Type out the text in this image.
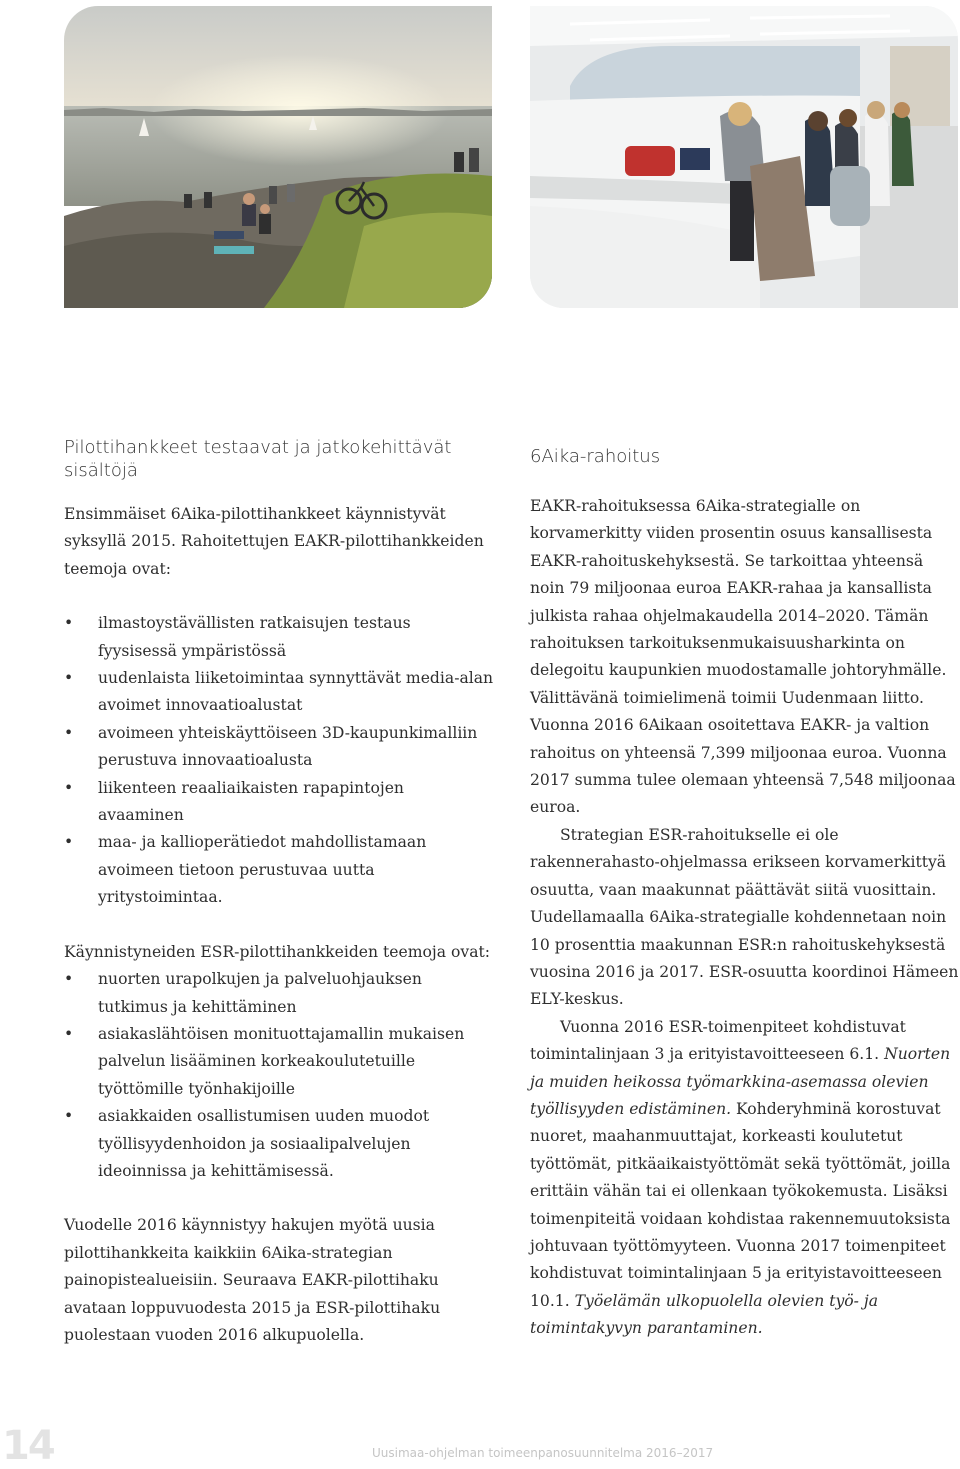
Pilottihankkeet testaavat ja jatkokehittävät sisältöjä

Ensimmäiset 6Aika-pilottihankkeet käynnistyvät syksyllä 2015. Rahoitettujen EAKR-pilottihankkeiden teemoja ovat:

• ilmastoystävällisten ratkaisujen testaus fyysisessä ympäristössä
• uudenlaista liiketoimintaa synnyttävät media-alan avoimet innovaatioalustat
• avoimeen yhteiskäyttöiseen 3D-kaupunkimalliin perustuva innovaatioalusta
• liikenteen reaaliaikaisten rapapintojen avaaminen
• maa- ja kallioperätiedot mahdollistamaan avoimeen tietoon perustuvaa uutta yritystoimintaa.

Käynnistyneiden ESR-pilottihankkeiden teemoja ovat:

• nuorten urapolkujen ja palveluohjauksen tutkimus ja kehittäminen
• asiakaslähtöisen monituottajamallin mukaisen palvelun lisääminen korkeakoulutetuille työttömille työnhakijoille
• asiakkaiden osallistumisen uuden muodot työllisyydenhoidon ja sosiaalipalvelujen ideoinnissa ja kehittämisessä.

Vuodelle 2016 käynnistyy hakujen myötä uusia pilottihankkeita kaikkiin 6Aika-strategian painopistealueisiin. Seuraava EAKR-pilottihaku avataan loppuvuodesta 2015 ja ESR-pilottihaku puolestaan vuoden 2016 alkupuolella.

6Aika-rahoitus

EAKR-rahoituksessa 6Aika-strategialle on korvamerkitty viiden prosentin osuus kansallisesta EAKR-rahoituskehyksestä. Se tarkoittaa yhteensä noin 79 miljoonaa euroa EAKR-rahaa ja kansallista julkista rahaa ohjelmakaudella 2014–2020. Tämän rahoituksen tarkoituksenmukaisuusharkinta on delegoitu kaupunkien muodostamalle johtoryhmälle. Välittävänä toimielimenä toimii Uudenmaan liitto. Vuonna 2016 6Aikaan osoitettava EAKR- ja valtion rahoitus on yhteensä 7,399 miljoonaa euroa. Vuonna 2017 summa tulee olemaan yhteensä 7,548 miljoonaa euroa.

Strategian ESR-rahoitukselle ei ole rakennerahasto-ohjelmassa erikseen korvamerkittyä osuutta, vaan maakunnat päättävät siitä vuosittain. Uudellamaalla 6Aika-strategialle kohdennetaan noin 10 prosenttia maakunnan ESR:n rahoituskehyksestä vuosina 2016 ja 2017. ESR-osuutta koordinoi Hämeen ELY-keskus.

Vuonna 2016 ESR-toimenpiteet kohdistuvat toimintalinjaan 3 ja erityistavoitteeseen 6.1. Nuorten ja muiden heikossa työmarkkina-asemassa olevien työllisyyden edistäminen. Kohderyhminä korostuvat nuoret, maahanmuuttajat, korkeasti koulutetut työttömät, pitkäaikaistyöttömät sekä työttömät, joilla erittäin vähän tai ei ollenkaan työkokemusta. Lisäksi toimenpiteitä voidaan kohdistaa rakennemuutoksista johtuvaan työttömyyteen. Vuonna 2017 toimenpiteet kohdistuvat toimintalinjaan 5 ja erityistavoitteeseen 10.1. Työelämän ulkopuolella olevien työ- ja toimintakyvyn parantaminen.

14	Uusimaa-ohjelman toimeenpanosuunnitelma 2016–2017
